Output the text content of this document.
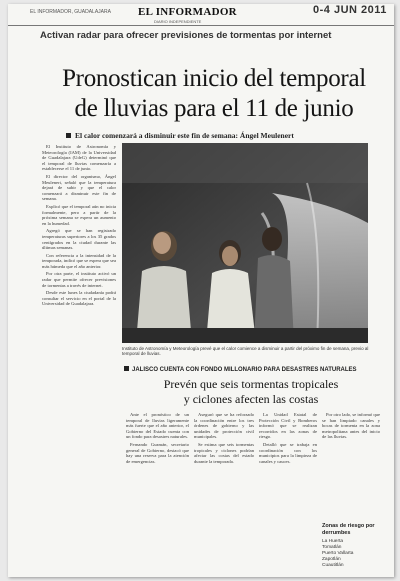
EL INFORMADOR, GUADALAJARA EL INFORMADOR
DIARIO INDEPENDIENTE
0-4 JUN 2011
Activan radar para ofrecer previsiones de tormentas por internet
Pronostican inicio del temporal
de lluvias para el 11 de junio
El calor comenzará a disminuir este fin de semana: Ángel Meulenert

El Instituto de Astronomía y Meteorología (IAM) de la Universidad de Guadalajara (UdeG) determinó que el temporal de lluvias comenzaría a establecerse el 11 de junio.

El director del organismo, Ángel Meulenert, señaló que la temperatura dejará de subir y que el calor comenzará a disminuir este fin de semana.

Explicó que el temporal aún no inicia formalmente, pero a partir de la próxima semana se espera un aumento en la humedad.

Agregó que se han registrado temperaturas superiores a los 35 grados centígrados en la ciudad durante las últimas semanas.

Con referencia a la intensidad de la temporada, indicó que se espera que sea más húmeda que el año anterior.

Por otra parte, el instituto activó un radar que permite ofrecer previsiones de tormentas a través de internet.

Desde este lunes la ciudadanía podrá consultar el servicio en el portal de la Universidad de Guadalajara.

Instituto de Astronomía y Meteorología prevé que el calor comience a disminuir a partir del próximo fin de semana, previo al temporal de lluvias.
JALISCO CUENTA CON FONDO MILLONARIO PARA DESASTRES NATURALES
Prevén que seis tormentas tropicales
y ciclones afecten las costas

Ante el pronóstico de un temporal de lluvias ligeramente más fuerte que el año anterior, el Gobierno del Estado cuenta con un fondo para desastres naturales.

Fernando Guzmán, secretario general de Gobierno, destacó que hay una reserva para la atención de emergencias.

Aseguró que se ha reforzado la coordinación entre los tres órdenes de gobierno y las unidades de protección civil municipales.

Se estima que seis tormentas tropicales y ciclones podrían afectar las costas del estado durante la temporada.

La Unidad Estatal de Protección Civil y Bomberos informó que se realizan recorridos en las zonas de riesgo.

Detalló que se trabaja en coordinación con los municipios para la limpieza de canales y cauces.

Por otro lado, se informó que se han limpiado canales y bocas de tormenta en la zona metropolitana antes del inicio de las lluvias.

Zonas de riesgo por derrumbes
La Huerta
Tomatlán
Puerto Vallarta
Zapotlán
Cuautitlán
